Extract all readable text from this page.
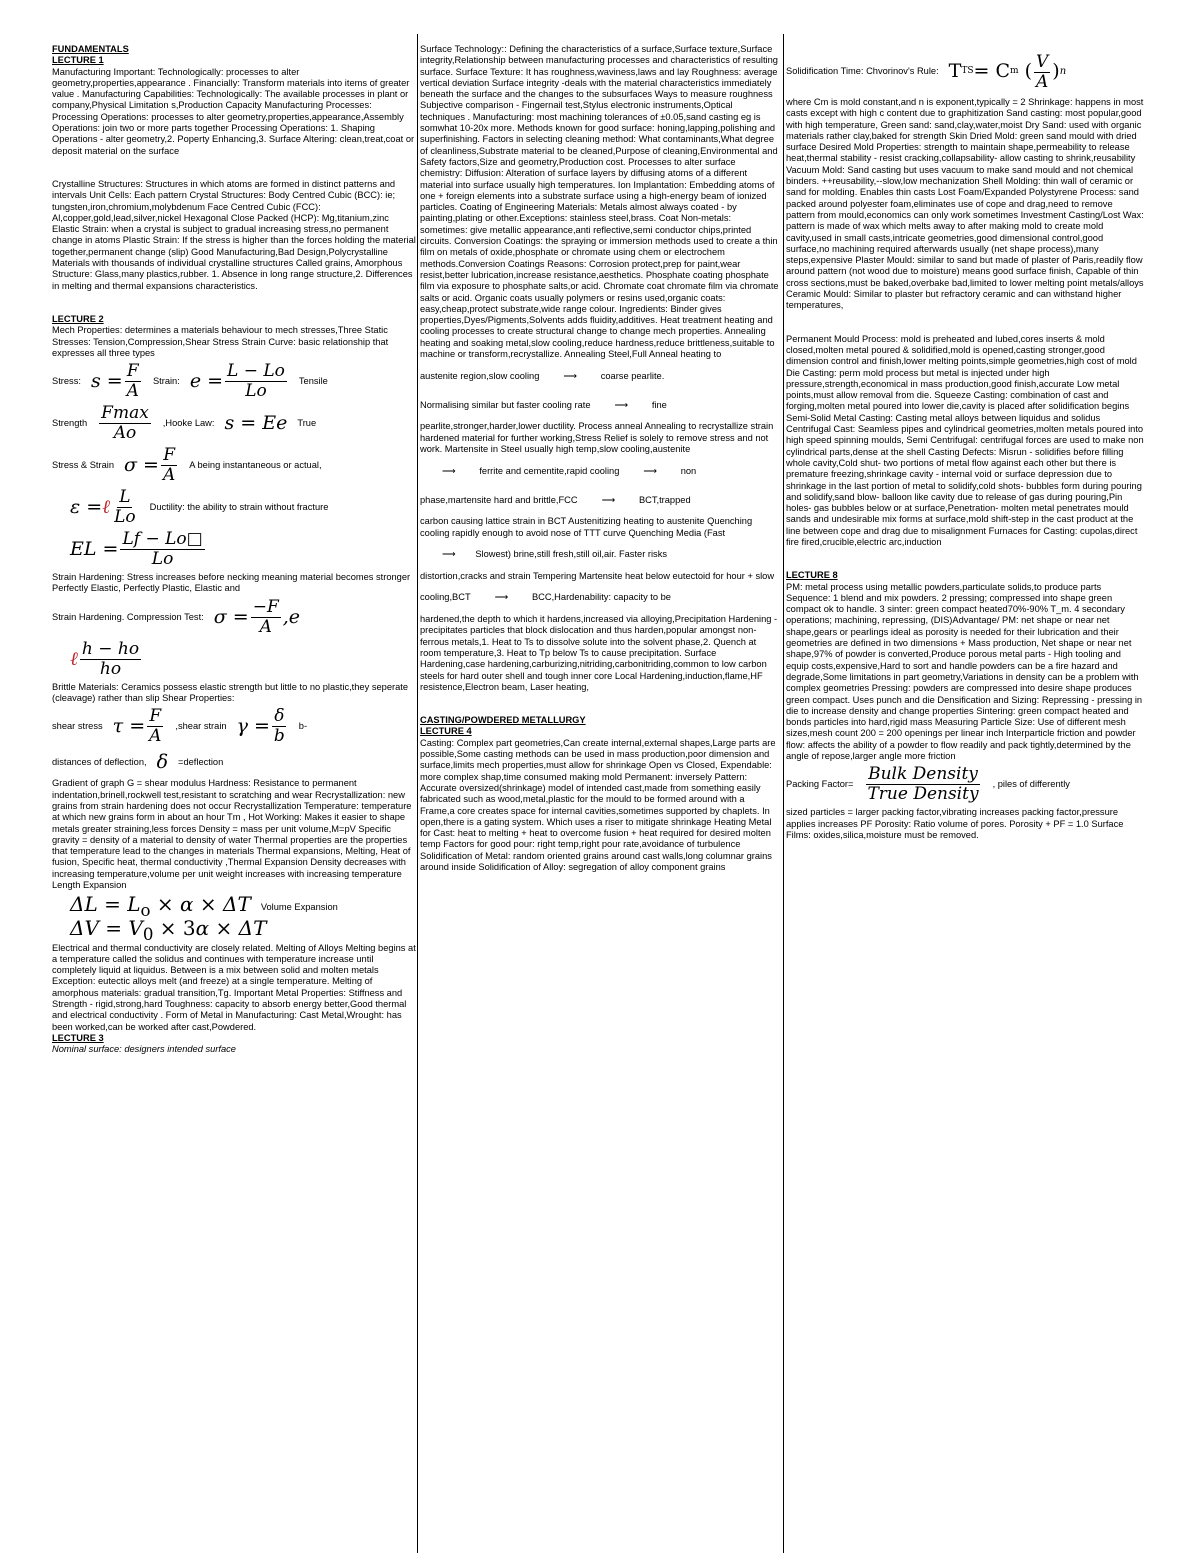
FUNDAMENTALS

LECTURE 1

Manufacturing Important: Technologically: processes to alter geometry,properties,appearance . Financially: Transform materials into items of greater value . Manufacturing Capabilities: Technologically: The available processes in plant or company,Physical Limitation s,Production Capacity Manufacturing Processes: Processing Operations: processes to alter geometry,properties,appearance,Assembly Operations: join two or more parts together Processing Operations: 1. Shaping Operations - alter geometry,2. Poperty Enhancing,3. Surface Altering: clean,treat,coat or deposit material on the surface

Crystalline Structures: Structures in which atoms are formed in distinct patterns and intervals Unit Cells: Each pattern Crystal Structures: Body Centred Cubic (BCC): ie; tungsten,iron,chromium,molybdenum Face Centred Cubic (FCC): Al,copper,gold,lead,silver,nickel Hexagonal Close Packed (HCP): Mg,titanium,zinc Elastic Strain: when a crystal is subject to gradual increasing stress,no permanent change in atoms Plastic Strain: If the stress is higher than the forces holding the material together,permanent change (slip) Good Manufacturing,Bad Design,Polycrystalline Materials with thousands of individual crystalline structures Called grains, Amorphous Structure: Glass,many plastics,rubber. 1. Absence in long range structure,2. Differences in melting and thermal expansions characteristics.

LECTURE 2

Mech Properties: determines a materials behaviour to mech stresses,Three Static Stresses: Tension,Compression,Shear Stress Strain Curve: basic relationship that expresses all three types

Stress: $s = \frac{F}{A}$ Strain: $e = \frac{L - Lo}{Lo}$ Tensile
Strength $\frac{Fmax}{Ao}$ ,Hooke Law: s = Ee True
Stress & Strain $\sigma = \frac{F}{A}$ A being instantaneous or actual,
ε = ℓ $\frac{L}{Lo}$ Ductility: the ability to strain without fracture
EL = $\frac{Lf - Lo□}{Lo}$

Strain Hardening: Stress increases before necking meaning material becomes stronger Perfectly Elastic, Perfectly Plastic, Elastic and

Strain Hardening. Compression Test: $\sigma = \frac{-F}{A} ,e$
ℓ $\frac{h - ho}{ho}$

Brittle Materials: Ceramics possess elastic strength but little to no plastic,they seperate (cleavage) rather than slip Shear Properties:

shear stress $\tau = \frac{F}{A}$ ,shear strain $\gamma = \frac{\delta}{b} b-$
distances of deflection, δ =deflection

Gradient of graph G = shear modulus Hardness: Resistance to permanent indentation,brinell,rockwell test,resistant to scratching and wear Recrystallization: new grains from strain hardening does not occur Recrystallization Temperature: temperature at which new grains form in about an hour Tm , Hot Working: Makes it easier to shape metals greater straining,less forces Density = mass per unit volume,M=pV Specific gravity = density of a material to density of water Thermal properties are the properties that temperature lead to the changes in materials Thermal expansions, Melting, Heat of fusion, Specific heat, thermal conductivity ,Thermal Expansion Density decreases with increasing temperature,volume per unit weight increases with increasing temperature Length Expansion

$\Delta L = L_o \times \alpha \times \Delta T$ Volume Expansion
$\Delta V = V_0 \times 3\alpha \times \Delta T$

Electrical and thermal conductivity are closely related. Melting of Alloys Melting begins at a temperature called the solidus and continues with temperature increase until completely liquid at liquidus. Between is a mix between solid and molten metals Exception: eutectic alloys melt (and freeze) at a single temperature. Melting of amorphous materials: gradual transition,Tg. Important Metal Properties: Stiffness and Strength - rigid,strong,hard Toughness: capacity to absorb energy better,Good thermal and electrical conductivity . Form of Metal in Manufacturing: Cast Metal,Wrought: has been worked,can be worked after cast,Powdered.

LECTURE 3

Nominal surface: designers intended surface

Surface Technology:: Defining the characteristics of a surface,Surface texture,Surface integrity,Relationship between manufacturing processes and characteristics of resulting surface. Surface Texture: It has roughness,waviness,laws and lay Roughness: average vertical deviation Surface integrity -deals with the material characteristics immediately beneath the surface and the changes to the subsurfaces Ways to measure roughness Subjective comparison - Fingernail test,Stylus electronic instruments,Optical techniques . Manufacturing: most machining tolerances of ±0.05,sand casting eg is somwhat 10-20x more. Methods known for good surface: honing,lapping,polishing and superfinishing. Factors in selecting cleaning method: What contaminants,What degree of cleanliness,Substrate material to be cleaned,Purpose of cleaning,Environmental and Safety factors,Size and geometry,Production cost. Processes to alter surface chemistry: Diffusion: Alteration of surface layers by diffusing atoms of a different material into surface usually high temperatures. Ion Implantation: Embedding atoms of one + foreign elements into a substrate surface using a high-energy beam of ionized particles. Coating of Engineering Materials: Metals almost always coated - by painting,plating or other.Exceptions: stainless steel,brass. Coat Non-metals: sometimes: give metallic appearance,anti reflective,semi conductor chips,printed circuits. Conversion Coatings: the spraying or immersion methods used to create a thin film on metals of oxide,phosphate or chromate using chem or electrochem methods.Conversion Coatings Reasons: Corrosion protect,prep for paint,wear resist,better lubrication,increase resistance,aesthetics. Phosphate coating phosphate film via exposure to phosphate salts,or acid. Chromate coat chromate film via chromate salts or acid. Organic coats usually polymers or resins used,organic coats: easy,cheap,protect substrate,wide range colour. Ingredients: Binder gives properties,Dyes/Pigments,Solvents adds fluidity,additives. Heat treatment heating and cooling processes to create structural change to change mech properties. Annealing heating and soaking metal,slow cooling,reduce hardness,reduce brittleness,suitable to machine or transform,recrystallize. Annealing Steel,Full Anneal heating to

austenite region,slow cooling	⟶	coarse pearlite.
Normalising similar but faster cooling rate	⟶	fine

pearlite,stronger,harder,lower ductility. Process anneal Annealing to recrystallize strain hardened material for further working,Stress Relief is solely to remove stress and not work. Martensite in Steel usually high temp,slow cooling,austenite

⟶	ferrite and cementite,rapid cooling	⟶	non
phase,martensite hard and brittle,FCC	⟶	BCT,trapped

carbon causing lattice strain in BCT Austenitizing heating to austenite Quenching cooling rapidly enough to avoid nose of TTT curve Quenching Media (Fast

⟶	Slowest) brine,still fresh,still oil,air. Faster risks

distortion,cracks and strain Tempering Martensite heat below eutectoid for hour + slow

cooling,BCT	⟶	BCC,Hardenability: capacity to be

hardened,the depth to which it hardens,increased via alloying,Precipitation Hardening - precipitates particles that block dislocation and thus harden,popular amongst non-ferrous metals,1. Heat to Ts to dissolve solute into the solvent phase,2. Quench at room temperature,3. Heat to Tp below Ts to cause precipitation. Surface Hardening,case hardening,carburizing,nitriding,carbonitriding,common to low carbon steels for hard outer shell and tough inner core Local Hardening,induction,flame,HF resistence,Electron beam, Laser heating,

CASTING/POWDERED METALLURGY

LECTURE 4

Casting: Complex part geometries,Can create internal,external shapes,Large parts are possible,Some casting methods can be used in mass production,poor dimension and surface,limits mech properties,must allow for shrinkage Open vs Closed, Expendable: more complex shap,time consumed making mold Permanent: inversely Pattern: Accurate oversized(shrinkage) model of intended cast,made from something easily fabricated such as wood,metal,plastic for the mould to be formed around with a Frame,a core creates space for internal cavities,sometimes supported by chaplets. In open,there is a gating system. Which uses a riser to mitigate shrinkage Heating Metal for Cast: heat to melting + heat to overcome fusion + heat required for desired molten temp Factors for good pour: right temp,right pour rate,avoidance of turbulence Solidification of Metal: random oriented grains around cast walls,long columnar grains around inside Solidification of Alloy: segregation of alloy component grains

Solidification Time: Chvorinov's Rule: T TS = C m ( $\frac{V}{A}$ ) n

where Cm is mold constant,and n is exponent,typically = 2 Shrinkage: happens in most casts except with high c content due to graphitization Sand casting: most popular,good with high temperature, Green sand: sand,clay,water,moist Dry Sand: used with organic materials rather clay,baked for strength Skin Dried Mold: green sand mould with dried surface Desired Mold Properties: strength to maintain shape,permeability to release heat,thermal stability - resist cracking,collapsability- allow casting to shrink,reusability Vacuum Mold: Sand casting but uses vacuum to make sand mould and not chemical binders. ++reusability,--slow,low mechanization Shell Molding: thin wall of ceramic or sand for molding. Enables thin casts Lost Foam/Expanded Polystyrene Process: sand packed around polyester foam,eliminates use of cope and drag,need to remove pattern from mould,economics can only work sometimes Investment Casting/Lost Wax: pattern is made of wax which melts away to after making mold to create mold cavity,used in small casts,intricate geometries,good dimensional control,good surface,no machining required afterwards usually (net shape process),many steps,expensive Plaster Mould: similar to sand but made of plaster of Paris,readily flow around pattern (not wood due to moisture) means good surface finish, Capable of thin cross sections,must be baked,overbake bad,limited to lower melting point metals/alloys Ceramic Mould: Similar to plaster but refractory ceramic and can withstand higher temperatures,

Permanent Mould Process: mold is preheated and lubed,cores inserts & mold closed,molten metal poured & solidified,mold is opened,casting stronger,good dimension control and finish,lower melting points,simple geometries,high cost of mold Die Casting: perm mold process but metal is injected under high pressure,strength,economical in mass production,good finish,accurate Low metal points,must allow removal from die. Squeeze Casting: combination of cast and forging,molten metal poured into lower die,cavity is placed after solidification begins Semi-Solid Metal Casting: Casting metal alloys between liquidus and solidus Centrifugal Cast: Seamless pipes and cylindrical geometries,molten metals poured into high speed spinning moulds, Semi Centrifugal: centrifugal forces are used to make non cylindrical parts,dense at the shell Casting Defects: Misrun - solidifies before filling whole cavity,Cold shut- two portions of metal flow against each other but there is premature freezing,shrinkage cavity - internal void or surface depression due to shrinkage in the last portion of metal to solidify,cold shots- bubbles form during pouring and solidify,sand blow- balloon like cavity due to release of gas during pouring,Pin holes- gas bubbles below or at surface,Penetration- molten metal penetrates mould sands and undesirable mix forms at surface,mold shift-step in the cast product at the line between cope and drag due to misalignment Furnaces for Casting: cupolas,direct fire fired,crucible,electric arc,induction

LECTURE 8

PM: metal process using metallic powders,particulate solids,to produce parts Sequence: 1 blend and mix powders. 2 pressing; compressed into shape green compact ok to handle. 3 sinter: green compact heated70%-90% T_m. 4 secondary operations; machining, repressing, (DIS)Advantage/ PM: net shape or near net shape,gears or pearlings ideal as porosity is needed for their lubrication and their geometries are defined in two dimensions + Mass production, Net shape or near net shape,97% of powder is converted,Produce porous metal parts - High tooling and equip costs,expensive,Hard to sort and handle powders can be a fire hazard and degrade,Some limitations in part geometry,Variations in density can be a problem with complex geometries Pressing: powders are compressed into desire shape produces green compact. Uses punch and die Densification and Sizing: Repressing - pressing in die to increase density and change properties Sintering: green compact heated and bonds particles into hard,rigid mass Measuring Particle Size: Use of different mesh sizes,mesh count 200 = 200 openings per linear inch Interparticle friction and powder flow: affects the ability of a powder to flow readily and pack tightly,determined by the angle of repose,larger angle more friction

Packing Factor= $\frac{\text{Bulk Density}}{\text{True Density}}$ , piles of differently

sized particles = larger packing factor,vibrating increases packing factor,pressure applies increases PF Porosity: Ratio volume of pores. Porosity + PF = 1.0 Surface Films: oxides,silica,moisture must be removed.
